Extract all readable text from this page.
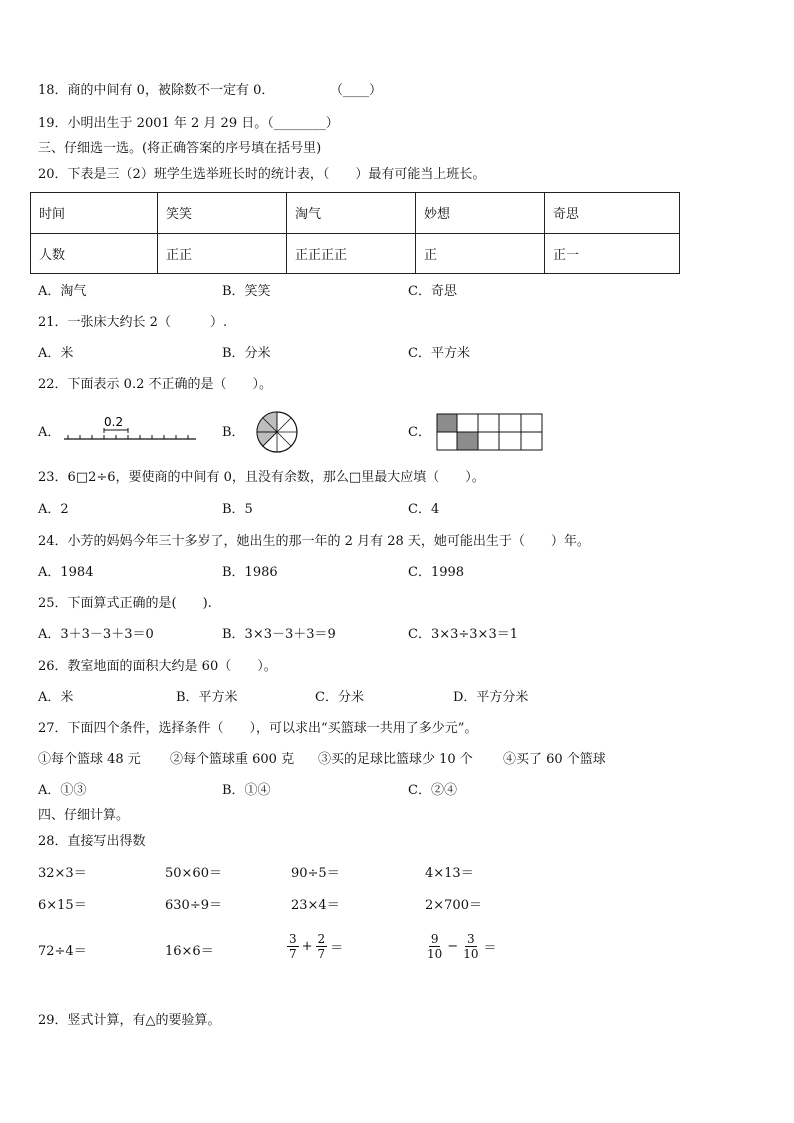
18．商的中间有 0，被除数不一定有 0．	（____）
19．小明出生于 2001 年 2 月 29 日。（________）
三、仔细选一选。(将正确答案的序号填在括号里)
20．下表是三（2）班学生选举班长时的统计表，（　　）最有可能当上班长。
时间	笑笑	淘气	妙想	奇思
人数	正正	正正正正	正	正一
A．淘气	B．笑笑	C．奇思
21．一张床大约长 2（　　　）.
A．米	B．分米	C．平方米
22．下面表示 0.2 不正确的是（　　）。
A．
0.2
B．	C．
23．6□2÷6，要使商的中间有 0，且没有余数，那么□里最大应填（　　）。
A．2	B．5	C．4
24．小芳的妈妈今年三十多岁了，她出生的那一年的 2 月有 28 天，她可能出生于（　　）年。
A．1984	B．1986	C．1998
25．下面算式正确的是(　　).
A．3＋3－3＋3＝0	B．3×3－3＋3＝9	C．3×3÷3×3＝1
26．教室地面的面积大约是 60（　　）。
A．米	B．平方米	C．分米	D．平方分米
27．下面四个条件，选择条件（　　），可以求出“买篮球一共用了多少元”。
①每个篮球 48 元 ②每个篮球重 600 克 ③买的足球比篮球少 10 个 ④买了 60 个篮球
A．①③	B．①④	C．②④
四、仔细计算。
28．直接写出得数
32×3＝	50×60＝	90÷5＝	4×13＝
6×15＝	630÷9＝	23×4＝	2×700＝
72÷4＝	16×6＝	$\frac{3}{7} + \frac{2}{7}$ ＝	$\frac{9}{10} - \frac{3}{10}$ ＝
29．竖式计算，有△的要验算。
